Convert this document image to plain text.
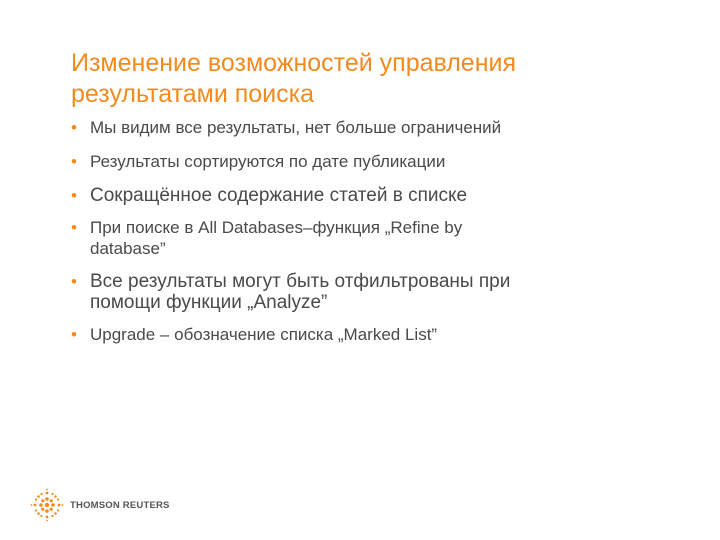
Изменение возможностей управления
результатами поиска
• Мы видим все результаты, нет больше ограничений
• Результаты сортируются по дате публикации
• Сокращённое содержание статей в списке
• При поиске в All Databases–функция „Refine by
database”
• Все результаты могут быть отфильтрованы при
помощи функции „Analyze”
• Upgrade – обозначение списка „Marked List”
THOMSON REUTERS
